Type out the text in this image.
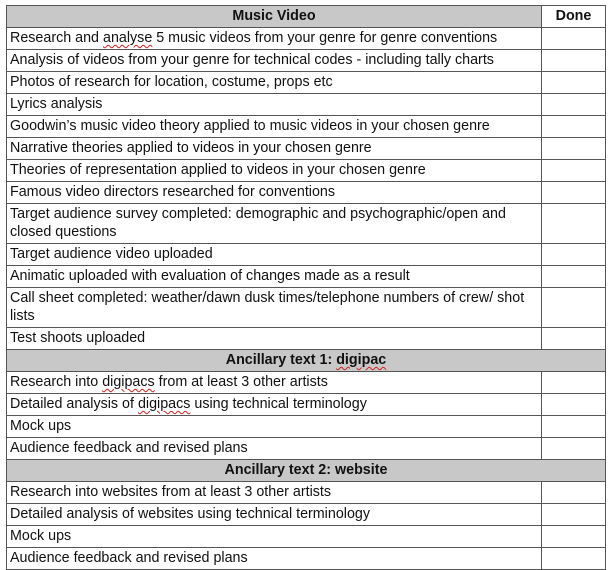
Music Video	Done
Research and analyse 5 music videos from your genre for genre conventions	
Analysis of videos from your genre for technical codes - including tally charts	
Photos of research for location, costume, props etc	
Lyrics analysis	
Goodwin’s music video theory applied to music videos in your chosen genre	
Narrative theories applied to videos in your chosen genre	
Theories of representation applied to videos in your chosen genre	
Famous video directors researched for conventions	
Target audience survey completed: demographic and psychographic/open and closed questions	
Target audience video uploaded	
Animatic uploaded with evaluation of changes made as a result	
Call sheet completed: weather/dawn dusk times/telephone numbers of crew/ shot lists	
Test shoots uploaded	
Ancillary text 1: digipac	
Research into digipacs from at least 3 other artists	
Detailed analysis of digipacs using technical terminology	
Mock ups	
Audience feedback and revised plans	
Ancillary text 2: website	
Research into websites from at least 3 other artists	
Detailed analysis of websites using technical terminology	
Mock ups	
Audience feedback and revised plans	
